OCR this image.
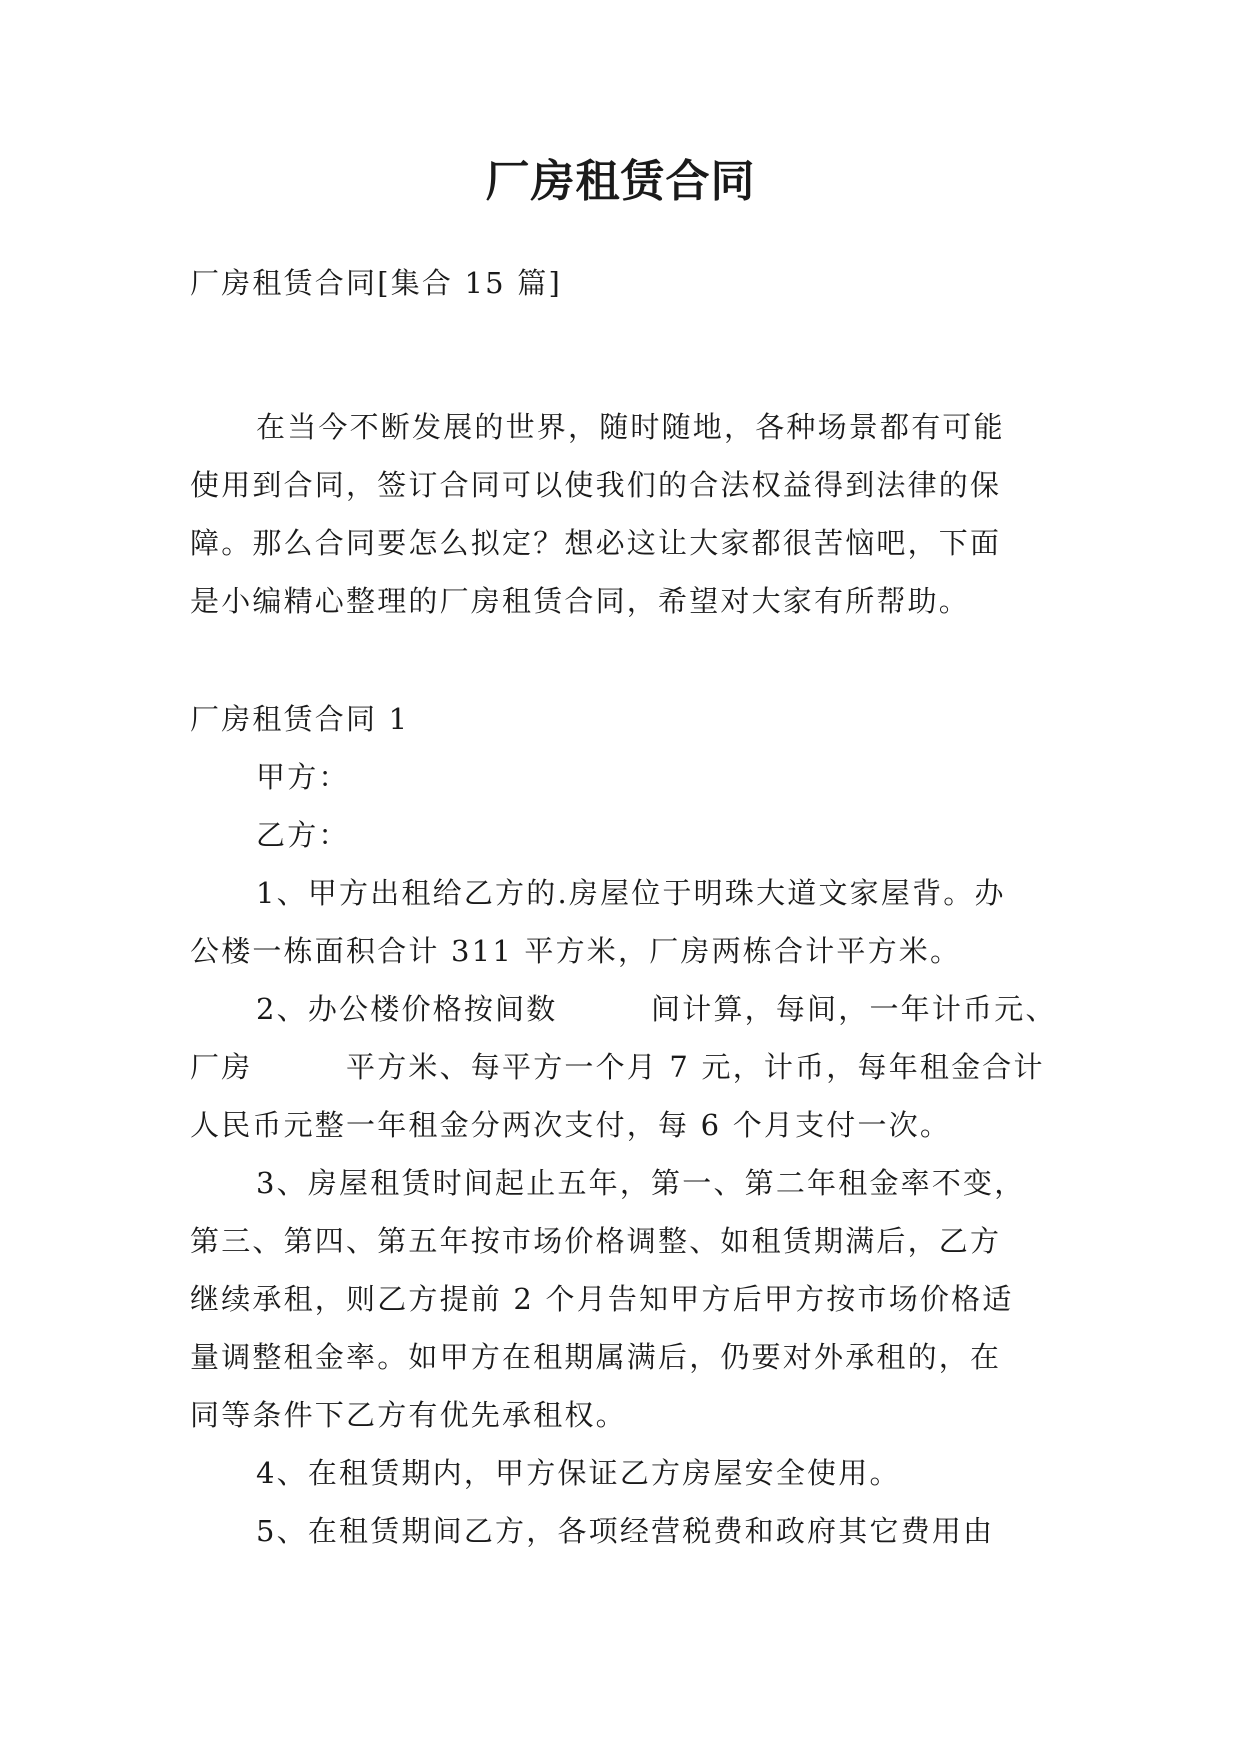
厂房租赁合同

厂房租赁合同[集合 15 篇]

在当今不断发展的世界，随时随地，各种场景都有可能

使用到合同，签订合同可以使我们的合法权益得到法律的保

障。那么合同要怎么拟定？想必这让大家都很苦恼吧，下面

是小编精心整理的厂房租赁合同，希望对大家有所帮助。

厂房租赁合同 1

甲方：

乙方：

1、甲方出租给乙方的.房屋位于明珠大道文家屋背。办

公楼一栋面积合计 311 平方米，厂房两栋合计平方米。

2、办公楼价格按间数　　　间计算，每间，一年计币元、

厂房　　　平方米、每平方一个月 7 元，计币，每年租金合计

人民币元整一年租金分两次支付，每 6 个月支付一次。

3、房屋租赁时间起止五年，第一、第二年租金率不变，

第三、第四、第五年按市场价格调整、如租赁期满后，乙方

继续承租，则乙方提前 2 个月告知甲方后甲方按市场价格适

量调整租金率。如甲方在租期属满后，仍要对外承租的，在

同等条件下乙方有优先承租权。

4、在租赁期内，甲方保证乙方房屋安全使用。

5、在租赁期间乙方，各项经营税费和政府其它费用由
